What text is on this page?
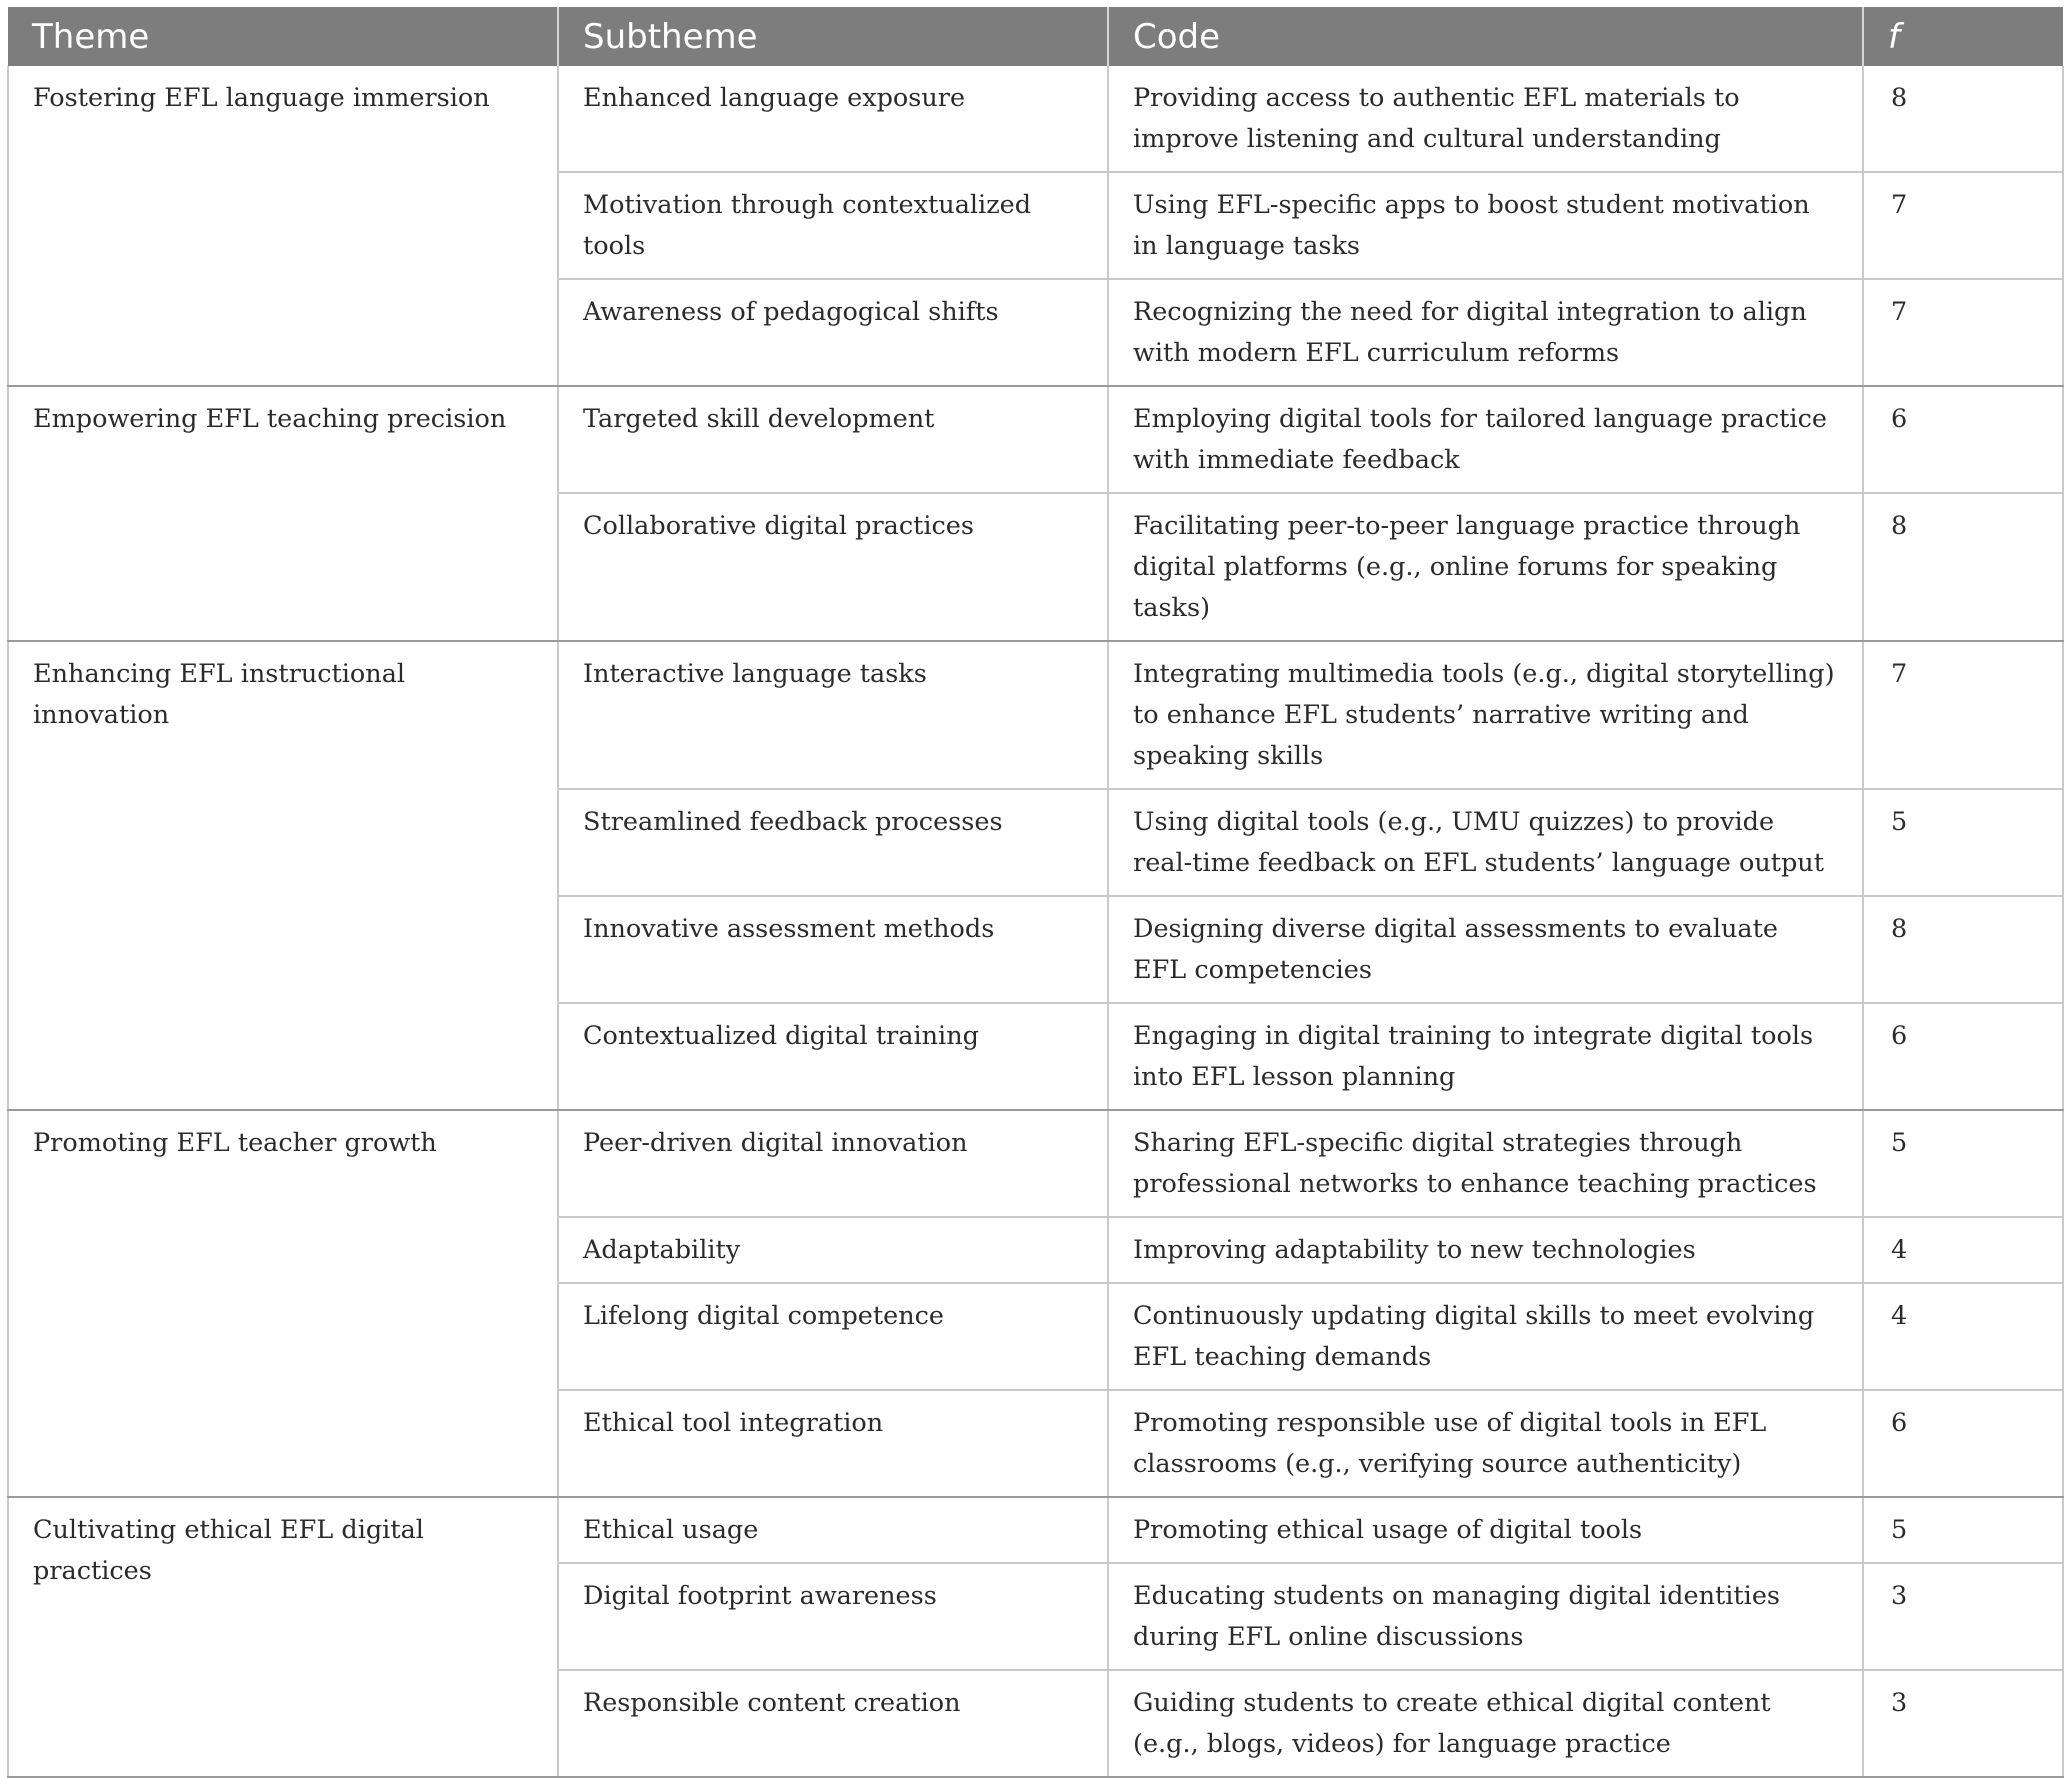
Theme	Subtheme	Code	f
Fostering EFL language immersion	Enhanced language exposure	Providing access to authentic EFL materials to improve listening and cultural understanding	8
	Motivation through contextualized tools	Using EFL-specific apps to boost student motivation in language tasks	7
	Awareness of pedagogical shifts	Recognizing the need for digital integration to align with modern EFL curriculum reforms	7
Empowering EFL teaching precision	Targeted skill development	Employing digital tools for tailored language practice with immediate feedback	6
	Collaborative digital practices	Facilitating peer-to-peer language practice through digital platforms (e.g., online forums for speaking tasks)	8
Enhancing EFL instructional innovation	Interactive language tasks	Integrating multimedia tools (e.g., digital storytelling) to enhance EFL students’ narrative writing and speaking skills	7
	Streamlined feedback processes	Using digital tools (e.g., UMU quizzes) to provide real-time feedback on EFL students’ language output	5
	Innovative assessment methods	Designing diverse digital assessments to evaluate EFL competencies	8
	Contextualized digital training	Engaging in digital training to integrate digital tools into EFL lesson planning	6
Promoting EFL teacher growth	Peer-driven digital innovation	Sharing EFL-specific digital strategies through professional networks to enhance teaching practices	5
	Adaptability	Improving adaptability to new technologies	4
	Lifelong digital competence	Continuously updating digital skills to meet evolving EFL teaching demands	4
	Ethical tool integration	Promoting responsible use of digital tools in EFL classrooms (e.g., verifying source authenticity)	6
Cultivating ethical EFL digital practices	Ethical usage	Promoting ethical usage of digital tools	5
	Digital footprint awareness	Educating students on managing digital identities during EFL online discussions	3
	Responsible content creation	Guiding students to create ethical digital content (e.g., blogs, videos) for language practice	3
